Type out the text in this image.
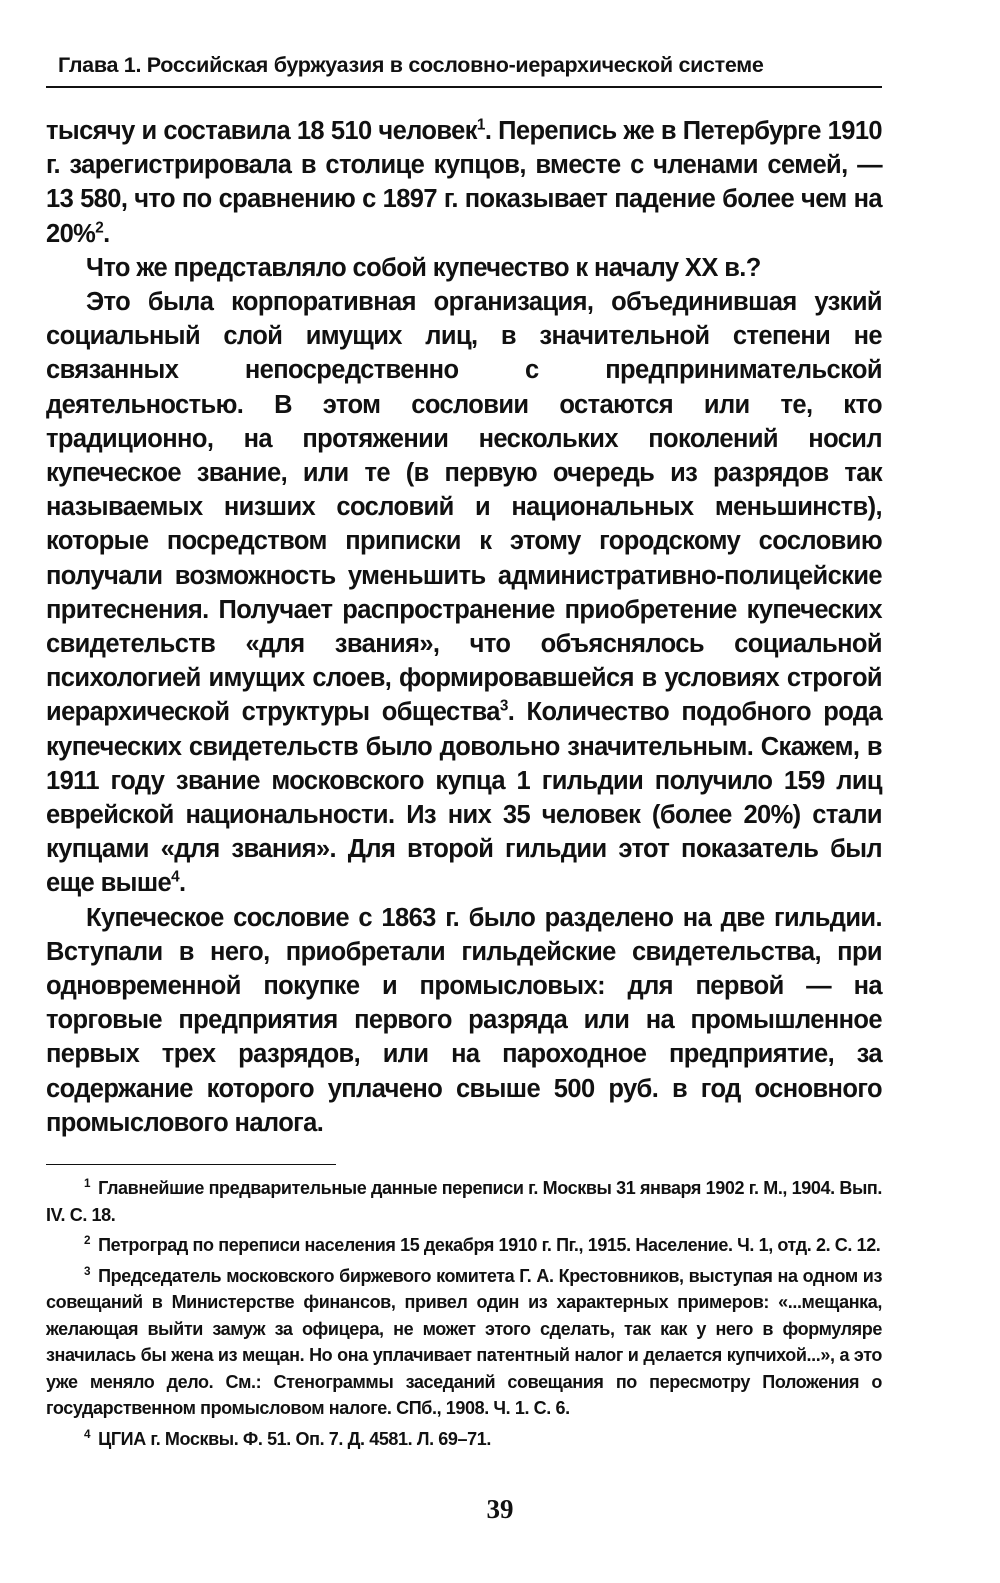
Глава 1. Российская буржуазия в сословно-иерархической системе

тысячу и составила 18 510 человек$^1$. Перепись же в Петербурге 1910 г. зарегистрировала в столице купцов, вместе с членами семей, — 13 580, что по сравнению с 1897 г. показывает падение более чем на 20%$^2$.

Что же представляло собой купечество к началу XX в.?

Это была корпоративная организация, объединившая узкий социальный слой имущих лиц, в значительной степени не связанных непосредственно с предпринимательской деятельностью. В этом сословии остаются или те, кто традиционно, на протяжении нескольких поколений носил купеческое звание, или те (в первую очередь из разрядов так называемых низших сословий и национальных меньшинств), которые посредством приписки к этому городскому сословию получали возможность уменьшить административно-полицейские притеснения. Получает распространение приобретение купеческих свидетельств «для звания», что объяснялось социальной психологией имущих слоев, формировавшейся в условиях строгой иерархической структуры общества$^3$. Количество подобного рода купеческих свидетельств было довольно значительным. Скажем, в 1911 году звание московского купца 1 гильдии получило 159 лиц еврейской национальности. Из них 35 человек (более 20%) стали купцами «для звания». Для второй гильдии этот показатель был еще выше$^4$.

Купеческое сословие с 1863 г. было разделено на две гильдии. Вступали в него, приобретали гильдейские свидетельства, при одновременной покупке и промысловых: для первой — на торговые предприятия первого разряда или на промышленное первых трех разрядов, или на пароходное предприятие, за содержание которого уплачено свыше 500 руб. в год основного промыслового налога.

$^1$ Главнейшие предварительные данные переписи г. Москвы 31 января 1902 г. М., 1904. Вып. IV. С. 18.

$^2$ Петроград по переписи населения 15 декабря 1910 г. Пг., 1915. Население. Ч. 1, отд. 2. С. 12.

$^3$ Председатель московского биржевого комитета Г. А. Крестовников, выступая на одном из совещаний в Министерстве финансов, привел один из характерных примеров: «...мещанка, желающая выйти замуж за офицера, не может этого сделать, так как у него в формуляре значилась бы жена из мещан. Но она уплачивает патентный налог и делается купчихой...», а это уже меняло дело. См.: Стенограммы заседаний совещания по пересмотру Положения о государственном промысловом налоге. СПб., 1908. Ч. 1. С. 6.

$^4$ ЦГИА г. Москвы. Ф. 51. Оп. 7. Д. 4581. Л. 69–71.

39
